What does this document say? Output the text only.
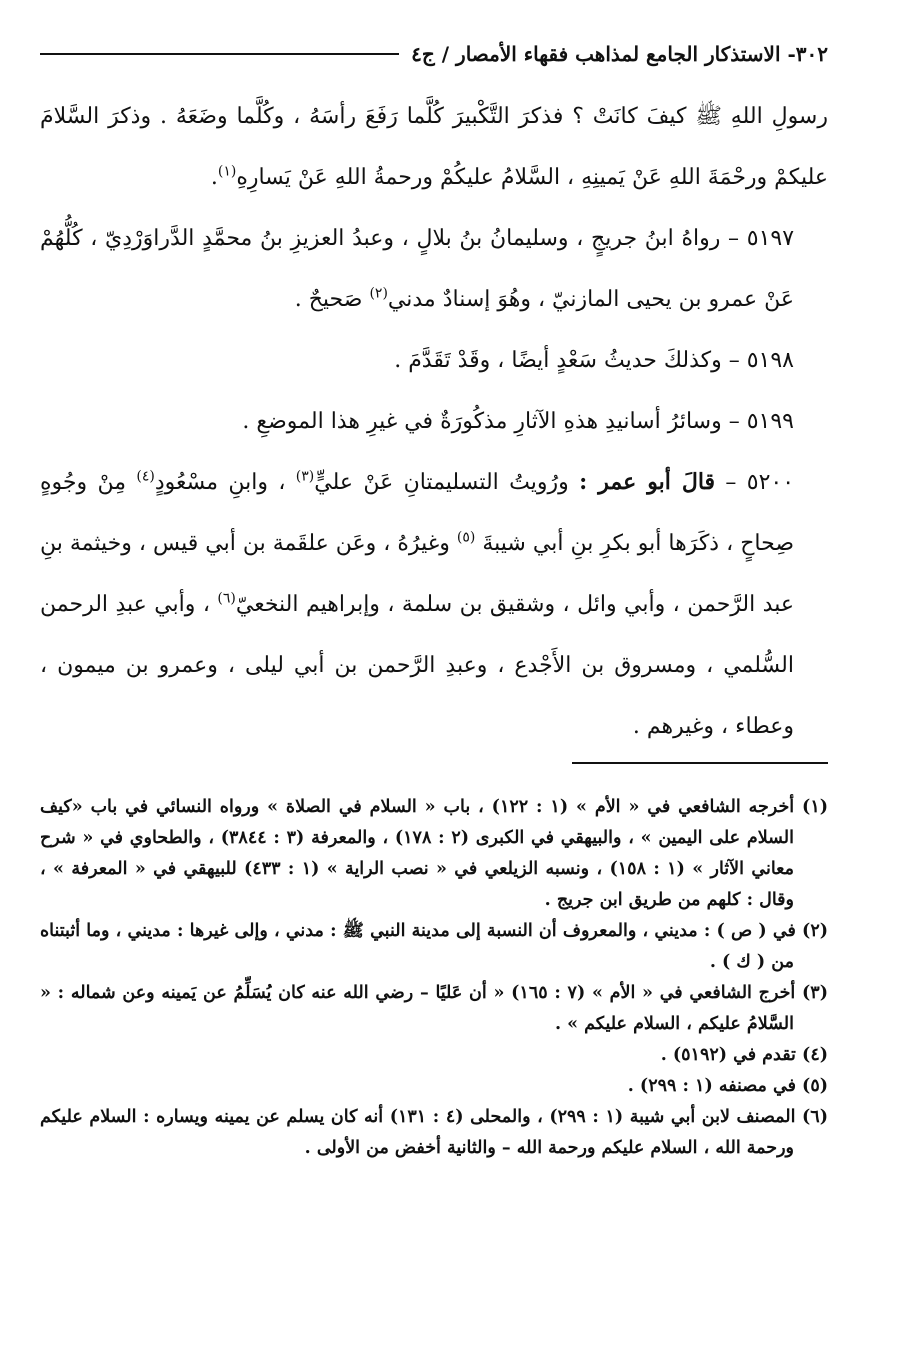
٣٠٢- الاستذكار الجامع لمذاهب فقهاء الأمصار / ج٤

رسولِ اللهِ ﷺ كيفَ كانَتْ ؟ فذكرَ التَّكْبيرَ كُلَّما رَفَعَ رأسَهُ ، وكُلَّما وضَعَهُ . وذكرَ السَّلامَ عليكمْ ورحْمَةَ اللهِ عَنْ يَمينِهِ ، السَّلامُ عليكُمْ ورحمةُ اللهِ عَنْ يَسارِهِ$^{(١)}$.

٥١٩٧ – رواهُ ابنُ جريجٍ ، وسليمانُ بنُ بلالٍ ، وعبدُ العزيزِ بنُ محمَّدٍ الدَّراوَرْدِيّ ، كُلُّهُمْ عَنْ عمرو بن يحيى المازنيّ ، وهُوَ إسنادٌ مدني$^{(٢)}$ صَحيحٌ .

٥١٩٨ – وكذلكَ حديثُ سَعْدٍ أيضًا ، وقَدْ تَقَدَّمَ .

٥١٩٩ – وسائرُ أسانيدِ هذهِ الآثارِ مذكُورَةٌ في غيرِ هذا الموضعِ .

٥٢٠٠ – قالَ أبو عمر : ورُويتُ التسليمتانِ عَنْ عليٍّ$^{(٣)}$ ، وابنِ مسْعُودٍ$^{(٤)}$ مِنْ وجُوهٍ صِحاحٍ ، ذكَرَها أبو بكرِ بنِ أبي شيبةَ $^{(٥)}$ وغيرُهُ ، وعَن علقَمة بن أبي قيس ، وخيثمة بنِ عبد الرَّحمن ، وأبي وائل ، وشقيق بن سلمة ، وإبراهيم النخعيّ$^{(٦)}$ ، وأبي عبدِ الرحمن السُّلمي ، ومسروق بن الأَجْدع ، وعبدِ الرَّحمن بن أبي ليلى ، وعمرو بن ميمون ، وعطاء ، وغيرهم .

(١) أخرجه الشافعي في « الأم » (١ : ١٢٢) ، باب « السلام في الصلاة » ورواه النسائي في باب «كيف السلام على اليمين » ، والبيهقي في الكبرى (٢ : ١٧٨) ، والمعرفة (٣ : ٣٨٤٤) ، والطحاوي في « شرح معاني الآثار » (١ : ١٥٨) ، ونسبه الزيلعي في « نصب الراية » (١ : ٤٣٣) للبيهقي في « المعرفة » ، وقال : كلهم من طريق ابن جريج .

(٢) في ( ص ) : مديني ، والمعروف أن النسبة إلى مدينة النبي ﷺ : مدني ، وإلى غيرها : مديني ، وما أثبتناه من ( ك ) .

(٣) أخرج الشافعي في « الأم » (٧ : ١٦٥) « أن عَليًا – رضي الله عنه كان يُسَلِّمُ عن يَمينه وعن شماله : « السَّلامُ عليكم ، السلام عليكم » .

(٤) تقدم في (٥١٩٢) .

(٥) في مصنفه (١ : ٢٩٩) .

(٦) المصنف لابن أبي شيبة (١ : ٢٩٩) ، والمحلى (٤ : ١٣١) أنه كان يسلم عن يمينه ويساره : السلام عليكم ورحمة الله ، السلام عليكم ورحمة الله – والثانية أخفض من الأولى .
